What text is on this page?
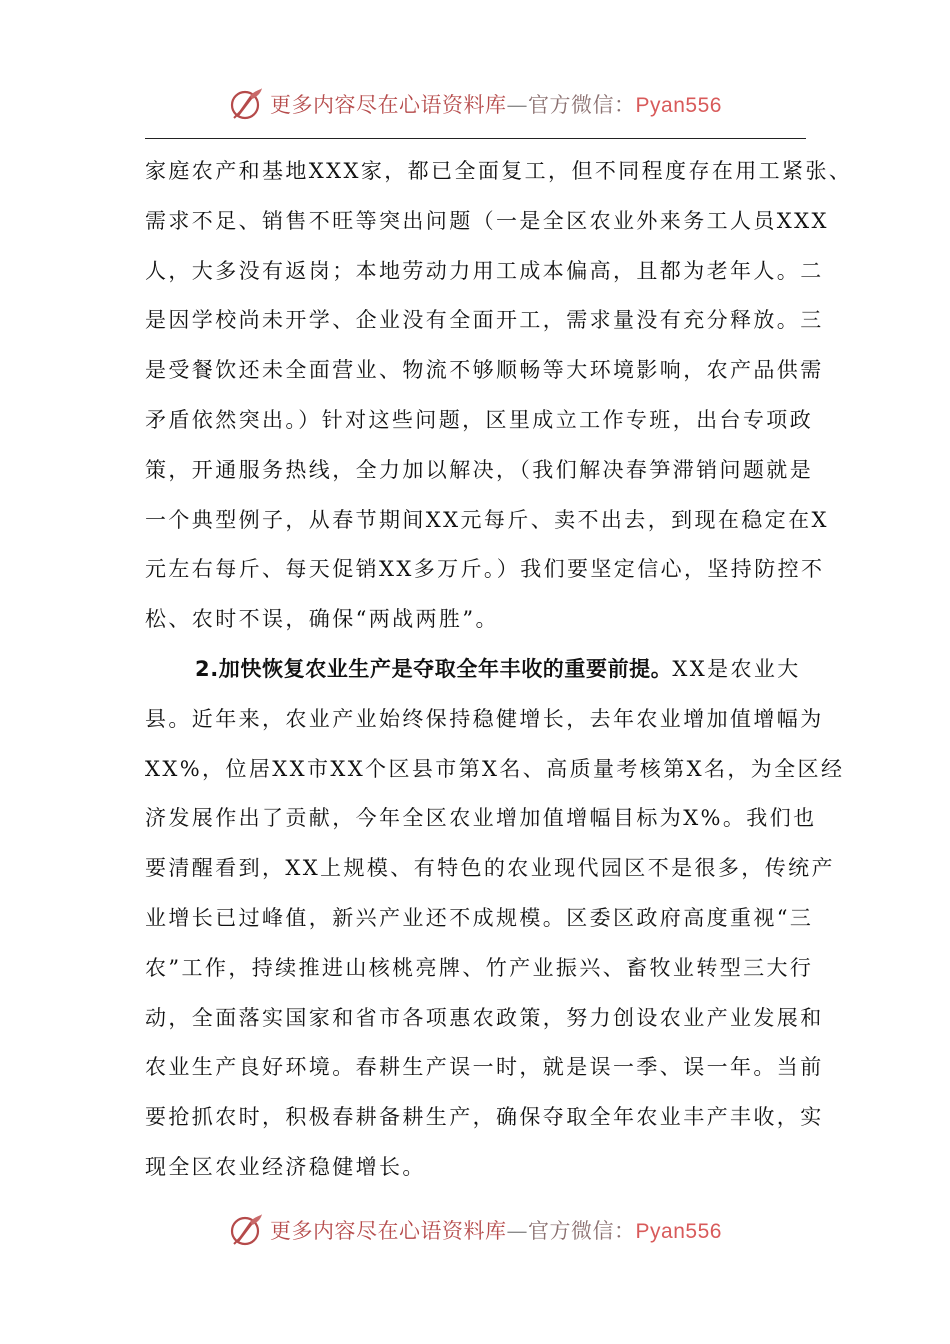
更多内容尽在心语资料库—官方微信：Pyan556
家庭农产和基地XXX家，都已全面复工，但不同程度存在用工紧张、
需求不足、销售不旺等突出问题（一是全区农业外来务工人员XXX
人，大多没有返岗；本地劳动力用工成本偏高，且都为老年人。二
是因学校尚未开学、企业没有全面开工，需求量没有充分释放。三
是受餐饮还未全面营业、物流不够顺畅等大环境影响，农产品供需
矛盾依然突出。）针对这些问题，区里成立工作专班，出台专项政
策，开通服务热线，全力加以解决，（我们解决春笋滞销问题就是
一个典型例子，从春节期间XX元每斤、卖不出去，到现在稳定在X
元左右每斤、每天促销XX多万斤。）我们要坚定信心，坚持防控不
松、农时不误，确保“两战两胜”。
2.加快恢复农业生产是夺取全年丰收的重要前提。XX是农业大
县。近年来，农业产业始终保持稳健增长，去年农业增加值增幅为
XX%，位居XX市XX个区县市第X名、高质量考核第X名，为全区经
济发展作出了贡献，今年全区农业增加值增幅目标为X%。我们也
要清醒看到，XX上规模、有特色的农业现代园区不是很多，传统产
业增长已过峰值，新兴产业还不成规模。区委区政府高度重视“三
农”工作，持续推进山核桃亮牌、竹产业振兴、畜牧业转型三大行
动，全面落实国家和省市各项惠农政策，努力创设农业产业发展和
农业生产良好环境。春耕生产误一时，就是误一季、误一年。当前
要抢抓农时，积极春耕备耕生产，确保夺取全年农业丰产丰收，实
现全区农业经济稳健增长。
更多内容尽在心语资料库—官方微信：Pyan556
